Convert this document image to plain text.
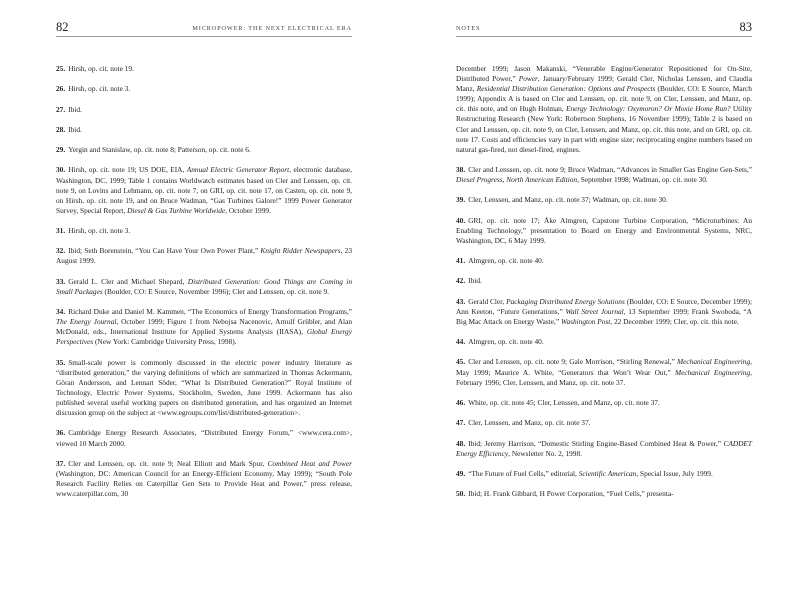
82	MICROPOWER: THE NEXT ELECTRICAL ERA

25. Hirsh, op. cit. note 19.

26. Hirsh, op. cit. note 3.

27. Ibid.

28. Ibid.

29. Yergin and Stanislaw, op. cit. note 8; Patterson, op. cit. note 6.

30. Hirsh, op. cit. note 19; US DOE, EIA, Annual Electric Generator Report, electronic database, Washington, DC, 1999; Table 1 contains Worldwatch estimates based on Cler and Lenssen, op. cit. note 9, on Lovins and Lehmann, op. cit. note 7, on GRI, op. cit. note 17, on Casten, op. cit. note 9, on Hirsh, op. cit. note 19, and on Bruce Wadman, “Gas Turbines Galore!” 1999 Power Generator Survey, Special Report, Diesel & Gas Turbine Worldwide, October 1999.

31. Hirsh, op. cit. note 3.

32. Ibid; Seth Borenstein, “You Can Have Your Own Power Plant,” Knight Ridder Newspapers, 23 August 1999.

33. Gerald L. Cler and Michael Shepard, Distributed Generation: Good Things are Coming in Small Packages (Boulder, CO: E Source, November 1996); Cler and Lenssen, op. cit. note 9.

34. Richard Duke and Daniel M. Kammen, “The Economics of Energy Transformation Programs,” The Energy Journal, October 1999; Figure 1 from Nebojsa Nacenovic, Arnulf Grübler, and Alan McDonald, eds., International Institute for Applied Systems Analysis (IIASA), Global Energy Perspectives (New York: Cambridge University Press, 1998).

35. Small-scale power is commonly discussed in the electric power industry literature as “distributed generation,” the varying definitions of which are summarized in Thomas Ackermann, Göran Andersson, and Lennart Söder, “What Is Distributed Generation?” Royal Institute of Technology, Electric Power Systems, Stockholm, Sweden, June 1999. Ackermann has also published several useful working papers on distributed generation, and has organized an Internet discussion group on the subject at <www.egroups.com/list/distributed-generation>.

36. Cambridge Energy Research Associates, “Distributed Energy Forum,” <www.cera.com>, viewed 10 March 2000.

37. Cler and Lenssen, op. cit. note 9; Neal Elliott and Mark Spur, Combined Heat and Power (Washington, DC: American Council for an Energy-Efficient Economy, May 1999); “South Pole Research Facility Relies on Caterpillar Gen Sets to Provide Heat and Power,” press release, www.caterpillar.com, 30

NOTES	83

December 1999; Jason Makanski, “Venerable Engine/Generator Repositioned for On-Site, Distributed Power,” Power, January/February 1999; Gerald Cler, Nicholas Lenssen, and Claudia Manz, Residential Distribution Generation: Options and Prospects (Boulder, CO: E Source, March 1999); Appendix A is based on Cler and Lenssen, op. cit. note 9, on Cler, Lenssen, and Manz, op. cit. this note, and on Hugh Holman, Energy Technology: Oxymoron? Or Moxie Home Run? Utility Restructuring Research (New York: Robertson Stephens, 16 November 1999); Table 2 is based on Cler and Lenssen, op. cit. note 9, on Cler, Lenssen, and Manz, op. cit. this note, and on GRI, op. cit. note 17. Costs and efficiencies vary in part with engine size; reciprocating engine numbers based on natural gas-fired, not diesel-fired, engines.

38. Cler and Lenssen, op. cit. note 9; Bruce Wadman, “Advances in Smaller Gas Engine Gen-Sets,” Diesel Progress, North American Edition, September 1998; Wadman, op. cit. note 30.

39. Cler, Lenssen, and Manz, op. cit. note 37; Wadman, op. cit. note 30.

40. GRI, op. cit. note 17; Åke Almgren, Capstone Turbine Corporation, “Microturbines: An Enabling Technology,” presentation to Board on Energy and Environmental Systems, NRC, Washington, DC, 6 May 1999.

41. Almgren, op. cit. note 40.

42. Ibid.

43. Gerald Cler, Packaging Distributed Energy Solutions (Boulder, CO: E Source, December 1999); Ann Keeton, “Future Generations,” Wall Street Journal, 13 September 1999; Frank Swoboda, “A Big Mac Attack on Energy Waste,” Washington Post, 22 December 1999; Cler, op. cit. this note.

44. Almgren, op. cit. note 40.

45. Cler and Lenssen, op. cit. note 9; Gale Morrison, “Stirling Renewal,” Mechanical Engineering, May 1999; Maurice A. White, “Generators that Won’t Wear Out,” Mechanical Engineering, February 1996; Cler, Lenssen, and Manz, op. cit. note 37.

46. White, op. cit. note 45; Cler, Lenssen, and Manz, op. cit. note 37.

47. Cler, Lenssen, and Manz, op. cit. note 37.

48. Ibid; Jeremy Harrison, “Domestic Stirling Engine-Based Combined Heat & Power,” CADDET Energy Efficiency, Newsletter No. 2, 1998.

49. “The Future of Fuel Cells,” editorial, Scientific American, Special Issue, July 1999.

50. Ibid; H. Frank Gibbard, H Power Corporation, “Fuel Cells,” presenta-
